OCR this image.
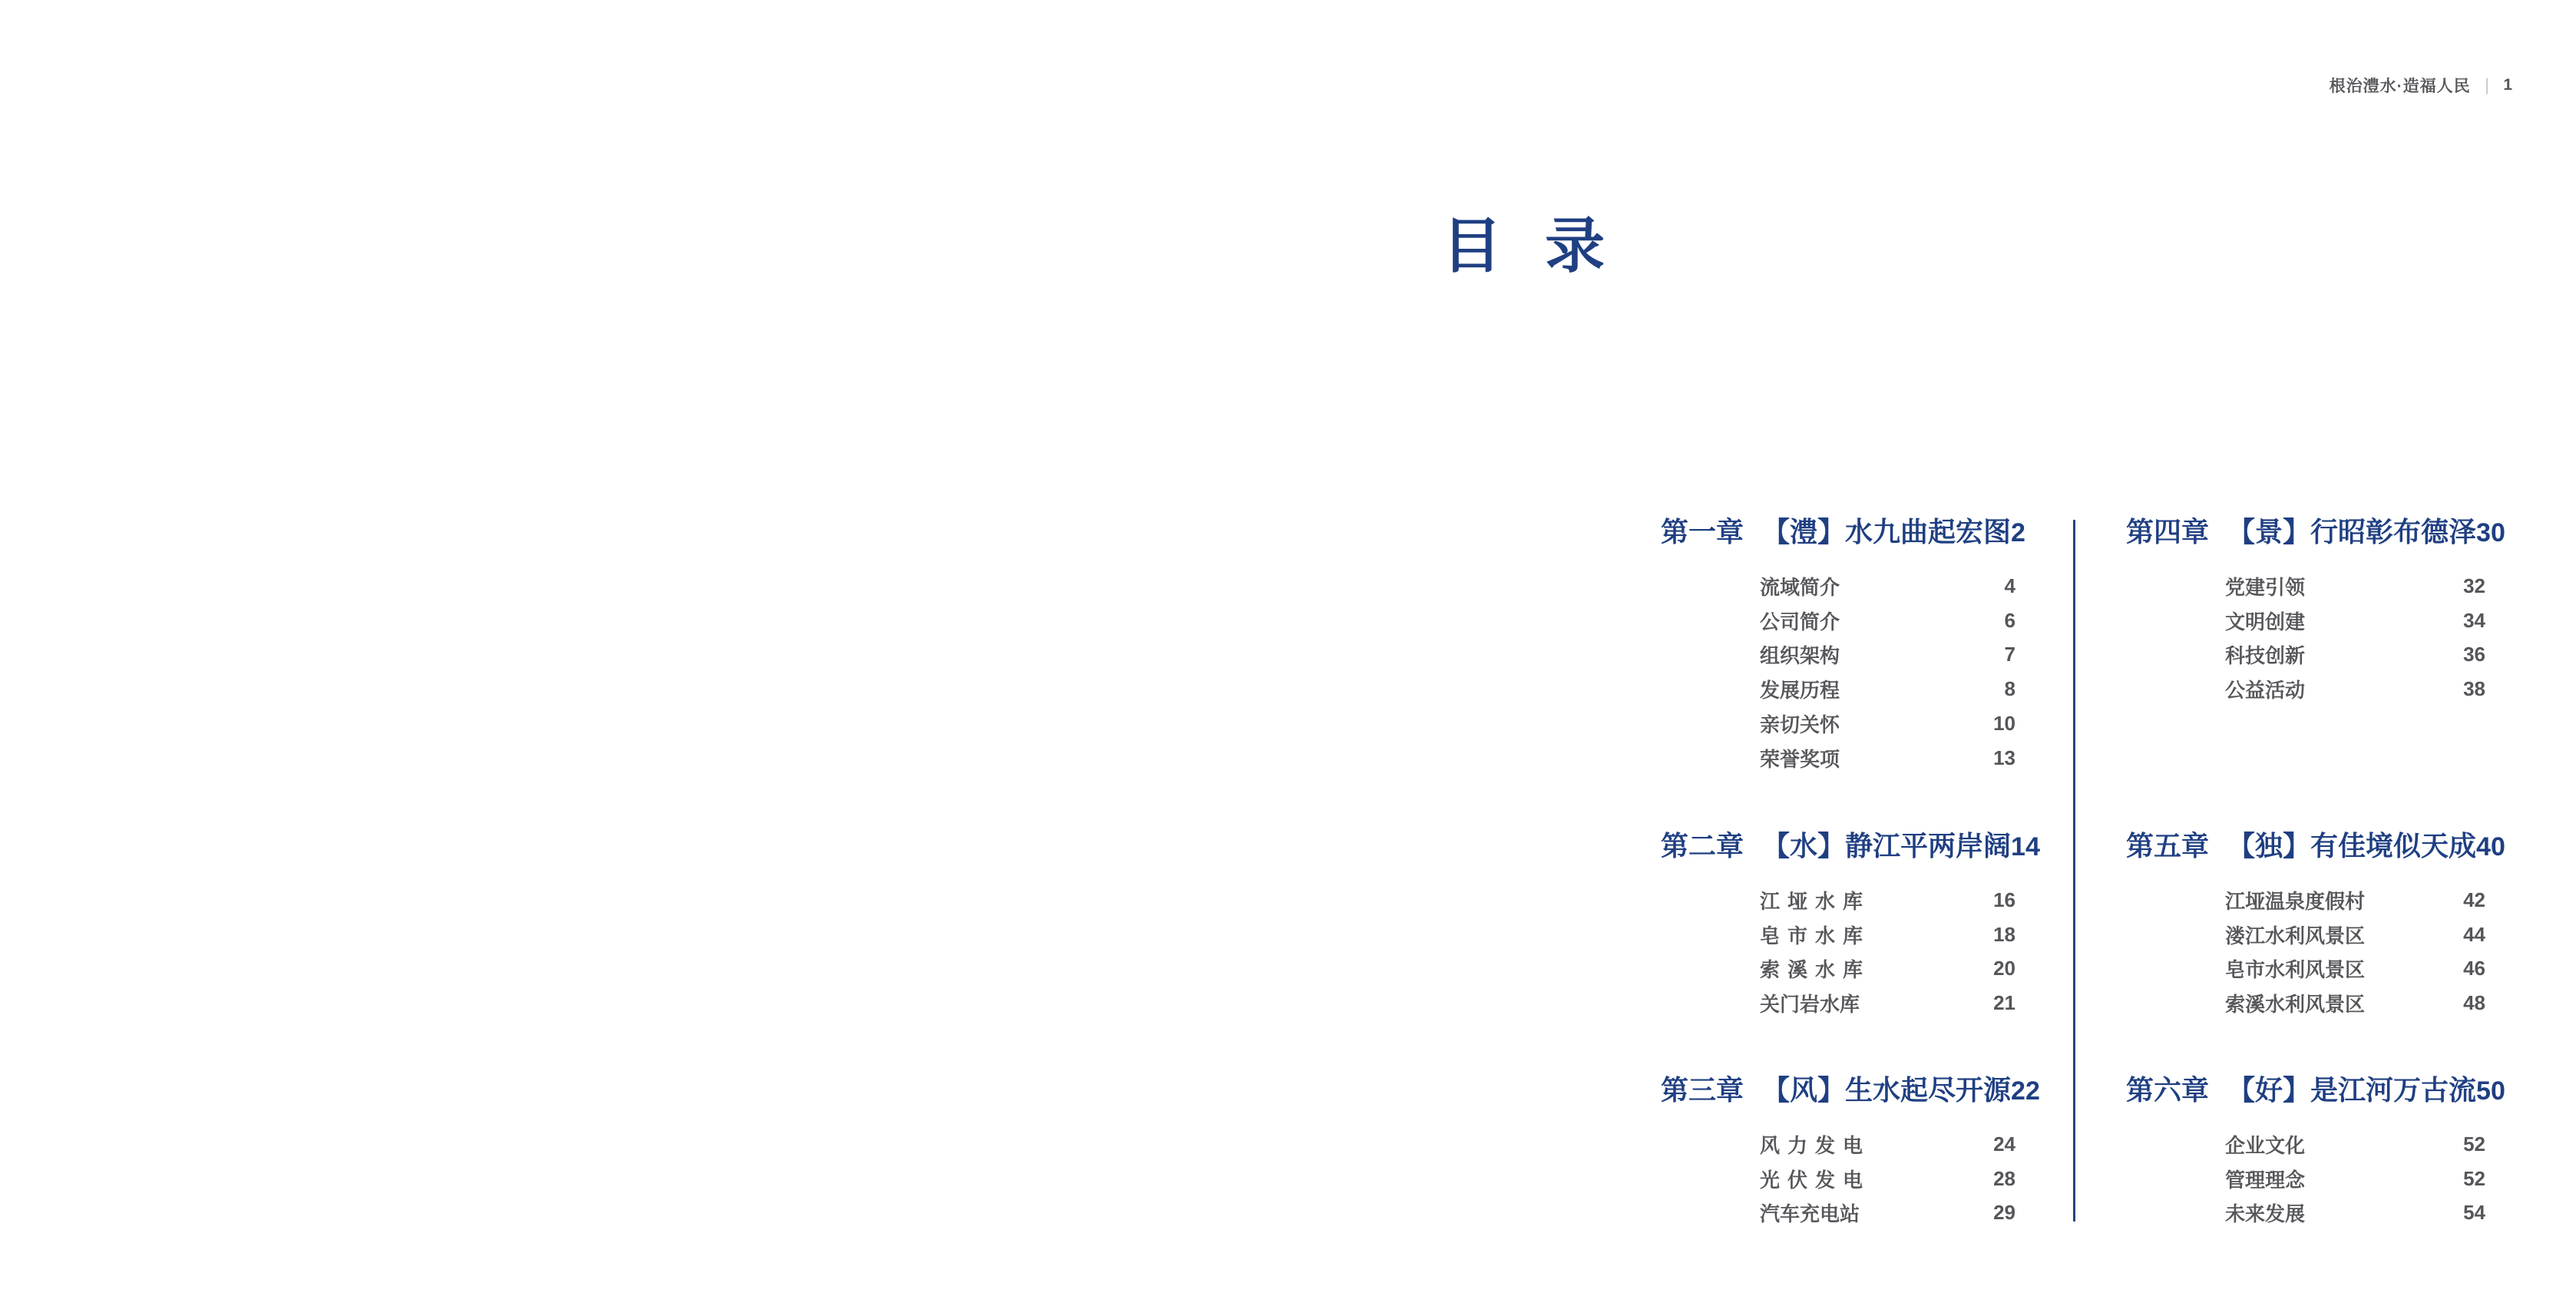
根治澧水·造福人民 | 1
目录
第一章 【澧】水九曲起宏图 2
流域简介	4
公司简介	6
组织架构	7
发展历程	8
亲切关怀	10
荣誉奖项	13
第二章 【水】静江平两岸阔 14
江垭水库	16
皂市水库	18
索溪水库	20
关门岩水库	21
第三章 【风】生水起尽开源 22
风力发电	24
光伏发电	28
汽车充电站	29
第四章 【景】行昭彰布德泽 30
党建引领	32
文明创建	34
科技创新	36
公益活动	38
第五章 【独】有佳境似天成 40
江垭温泉度假村	42
溇江水利风景区	44
皂市水利风景区	46
索溪水利风景区	48
第六章 【好】是江河万古流 50
企业文化	52
管理理念	52
未来发展	54
